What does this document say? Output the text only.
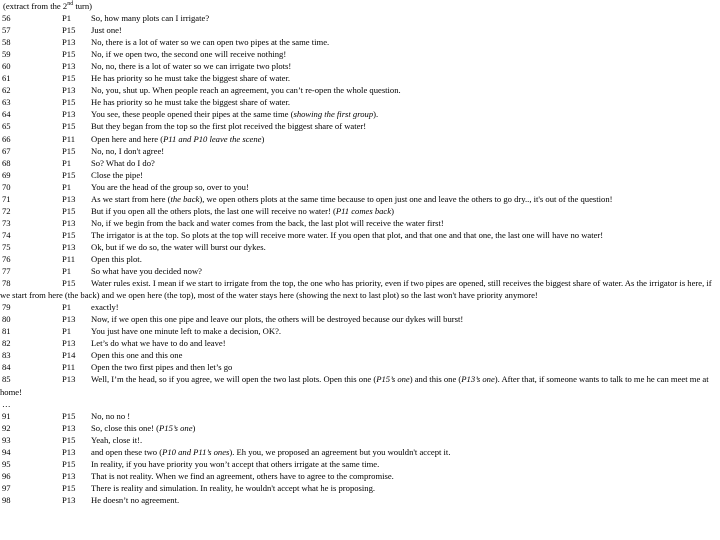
(extract from the 2nd turn)
56	P1 So, how many plots can I irrigate?
57	P15 Just one!
58	P13 No, there is a lot of water so we can open two pipes at the same time.
59	P15 No, if we open two, the second one will receive nothing!
60	P13 No, no, there is a lot of water so we can irrigate two plots!
61	P15 He has priority so he must take the biggest share of water.
62	P13 No, you, shut up. When people reach an agreement, you can’t re-open the whole question.
63	P15 He has priority so he must take the biggest share of water.
64	P13 You see, these people opened their pipes at the same time (showing the first group).
65	P15 But they began from the top so the first plot received the biggest share of water!
66	P11 Open here and here (P11 and P10 leave the scene)
67	P15 No, no, I don't agree!
68	P1 So? What do I do?
69	P15 Close the pipe!
70	P1 You are the head of the group so, over to you!
71	P13 As we start from here (the back), we open others plots at the same time because to open just one and leave the others to go dry.., it's out of the question!
72	P15 But if you open all the others plots, the last one will receive no water! (P11 comes back)
73	P13 No, if we begin from the back and water comes from the back, the last plot will receive the water first!
74	P15 The irrigator is at the top. So plots at the top will receive more water. If you open that plot, and that one and that one, the last one will have no water!
75	P13 Ok, but if we do so, the water will burst our dykes.
76	P11 Open this plot.
77	P1 So what have you decided now?
78	P15 Water rules exist. I mean if we start to irrigate from the top, the one who has priority, even if two pipes are opened, still receives the biggest share of water. As the irrigator is here, if we start from here (the back) and we open here (the top), most of the water stays here (showing the next to last plot) so the last won't have priority anymore!
79	P1 exactly!
80	P13 Now, if we open this one pipe and leave our plots, the others will be destroyed because our dykes will burst!
81	P1 You just have one minute left to make a decision, OK?.
82	P13 Let’s do what we have to do and leave!
83	P14 Open this one and this one
84	P11 Open the two first pipes and then let’s go
85	P13 Well, I’m the head, so if you agree, we will open the two last plots. Open this one (P15’s one) and this one (P13’s one). After that, if someone wants to talk to me he can meet me at home!
…
91	P15 No, no no !
92	P13 So, close this one! (P15’s one)
93	P15 Yeah, close it!.
94	P13 and open these two (P10 and P11’s ones). Eh you, we proposed an agreement but you wouldn't accept it.
95	P15 In reality, if you have priority you won’t accept that others irrigate at the same time.
96	P13 That is not reality. When we find an agreement, others have to agree to the compromise.
97	P15 There is reality and simulation. In reality, he wouldn't accept what he is proposing.
98	P13 He doesn’t no agreement.
